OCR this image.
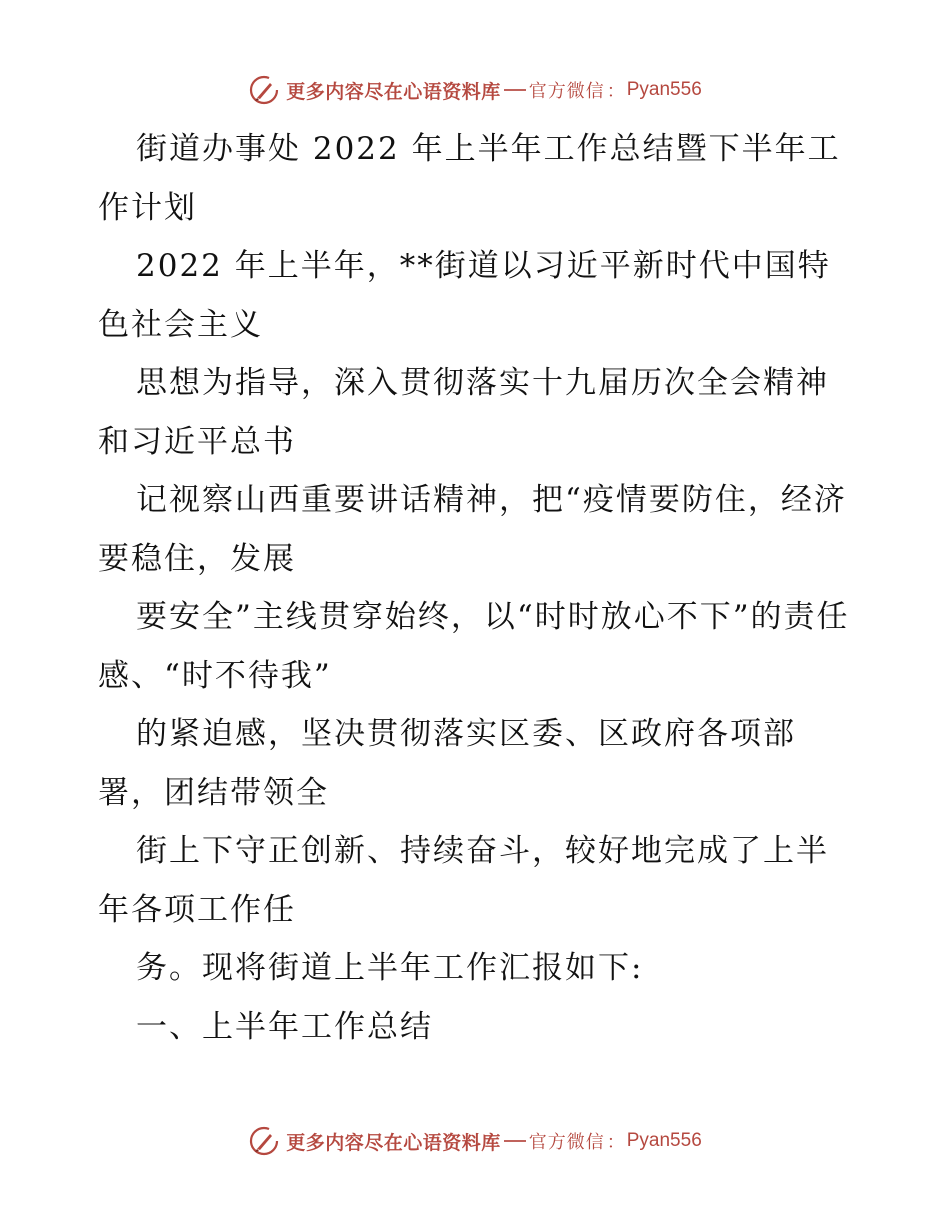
更多内容尽在心语资料库 官方微信 ： Pyan556

街道办事处 2022 年上半年工作总结暨下半年工作计划

2022 年上半年，**街道以习近平新时代中国特色社会主义

思想为指导，深入贯彻落实十九届历次全会精神和习近平总书

记视察山西重要讲话精神，把“疫情要防住，经济要稳住，发展

要安全”主线贯穿始终，以“时时放心不下”的责任感、“时不待我”

的紧迫感，坚决贯彻落实区委、区政府各项部署，团结带领全

街上下守正创新、持续奋斗，较好地完成了上半年各项工作任

务。现将街道上半年工作汇报如下:

一、上半年工作总结

更多内容尽在心语资料库 官方微信 ： Pyan556
